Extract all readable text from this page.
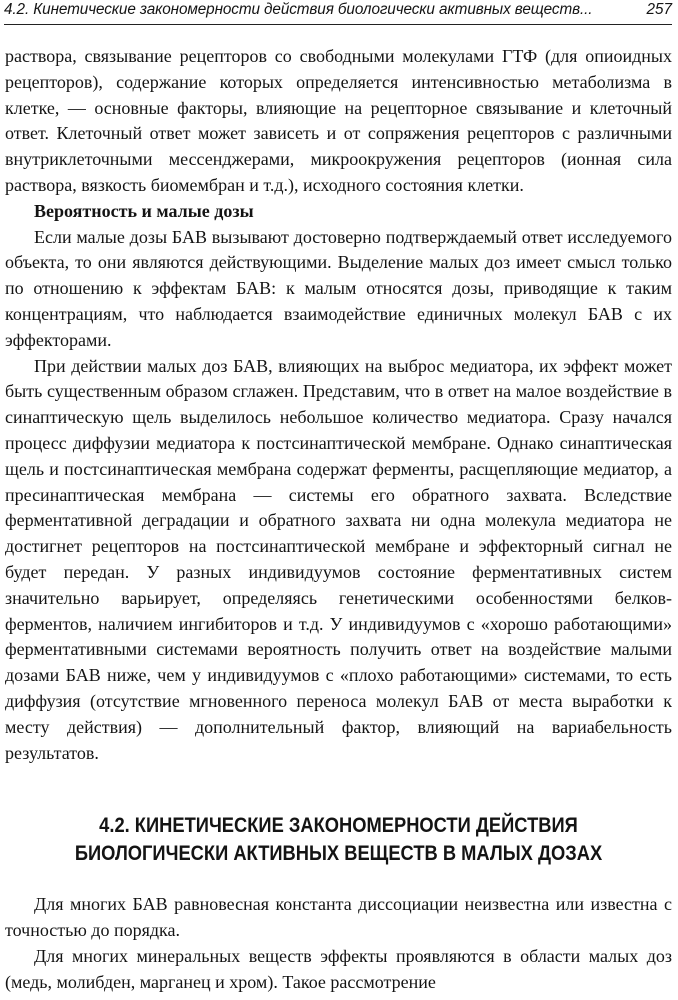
4.2. Кинетические закономерности действия биологически активных веществ...	257

раствора, связывание рецепторов со свободными молекулами ГТФ (для опиоидных рецепторов), содержание которых определяется интенсивностью метаболизма в клетке, — основные факторы, влияющие на рецепторное связывание и клеточный ответ. Клеточный ответ может зависеть и от сопряжения рецепторов с различными внутриклеточными мессенджерами, микроокружения рецепторов (ионная сила раствора, вязкость биомембран и т.д.), исходного состояния клетки.

Вероятность и малые дозы

Если малые дозы БАВ вызывают достоверно подтверждаемый ответ исследуемого объекта, то они являются действующими. Выделение малых доз имеет смысл только по отношению к эффектам БАВ: к малым относятся дозы, приводящие к таким концентрациям, что наблюдается взаимодействие единичных молекул БАВ с их эффекторами.

При действии малых доз БАВ, влияющих на выброс медиатора, их эффект может быть существенным образом сглажен. Представим, что в ответ на малое воздействие в синаптическую щель выделилось небольшое количество медиатора. Сразу начался процесс диффузии медиатора к постсинаптической мембране. Однако синаптическая щель и постсинаптическая мембрана содержат ферменты, расщепляющие медиатор, а пресинаптическая мембрана — системы его обратного захвата. Вследствие ферментативной деградации и обратного захвата ни одна молекула медиатора не достигнет рецепторов на постсинаптической мембране и эффекторный сигнал не будет передан. У разных индивидуумов состояние ферментативных систем значительно варьирует, определяясь генетическими особенностями белков-ферментов, наличием ингибиторов и т.д. У индивидуумов с «хорошо работающими» ферментативными системами вероятность получить ответ на воздействие малыми дозами БАВ ниже, чем у индивидуумов с «плохо работающими» системами, то есть диффузия (отсутствие мгновенного переноса молекул БАВ от места выработки к месту действия) — дополнительный фактор, влияющий на вариабельность результатов.

4.2. КИНЕТИЧЕСКИЕ ЗАКОНОМЕРНОСТИ ДЕЙСТВИЯ
БИОЛОГИЧЕСКИ АКТИВНЫХ ВЕЩЕСТВ В МАЛЫХ ДОЗАХ

Для многих БАВ равновесная константа диссоциации неизвестна или известна с точностью до порядка.

Для многих минеральных веществ эффекты проявляются в области малых доз (медь, молибден, марганец и хром). Такое рассмотрение
